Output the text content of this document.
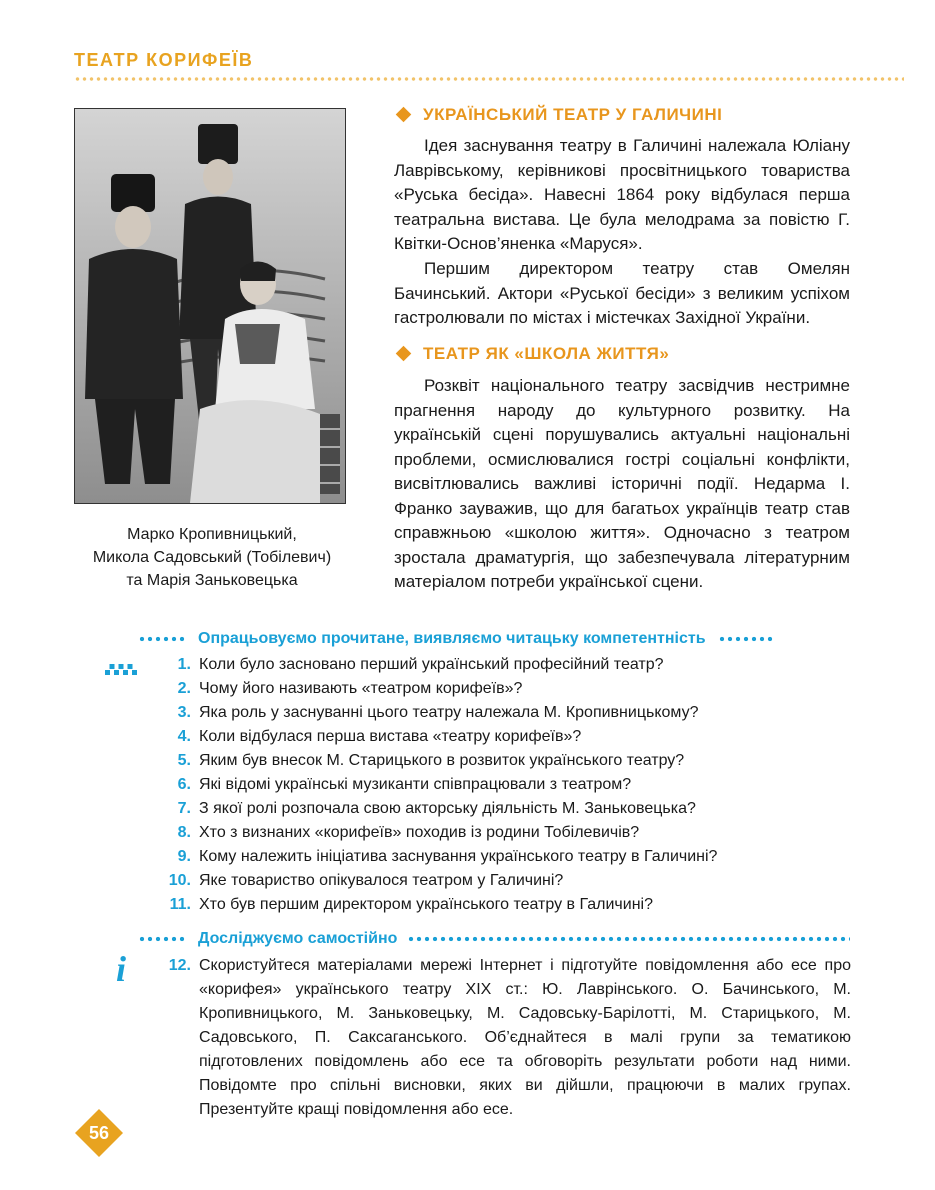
ТЕАТР КОРИФЕЇВ
Марко Кропивницький,
Микола Садовський (Тобілевич)
та Марія Заньковецька
УКРАЇНСЬКИЙ ТЕАТР У ГАЛИЧИНІ

Ідея заснування театру в Галичині належала Юліану Лаврівському, керівникові просвітницького товариства «Руська бесіда». Навесні 1864 року відбулася перша театральна вистава. Це була мелодрама за повістю Г. Квітки-Основ’яненка «Маруся».

Першим директором театру став Омелян Бачинський. Актори «Руської бесіди» з великим успіхом гастролювали по містах і містечках Західної України.

ТЕАТР ЯК «ШКОЛА ЖИТТЯ»

Розквіт національного театру засвідчив нестримне прагнення народу до культурного розвитку. На українській сцені порушувались актуальні національні проблеми, осмислювалися гострі соціальні конфлікти, висвітлювались важливі історичні події. Недарма І. Франко зауважив, що для багатьох українців театр став справжньою «школою життя». Одночасно з театром зростала драматургія, що забезпечувала літературним матеріалом потреби української сцени.

Опрацьовуємо прочитане, виявляємо читацьку компетентність
1. Коли було засновано перший український професійний театр?
2. Чому його називають «театром корифеїв»?
3. Яка роль у заснуванні цього театру належала М. Кропивницькому?
4. Коли відбулася перша вистава «театру корифеїв»?
5. Яким був внесок М. Старицького в розвиток українського театру?
6. Які відомі українські музиканти співпрацювали з театром?
7. З якої ролі розпочала свою акторську діяльність М. Заньковецька?
8. Хто з визнаних «корифеїв» походив із родини Тобілевичів?
9. Кому належить ініціатива заснування українського театру в Галичині?
10. Яке товариство опікувалося театром у Галичині?
11. Хто був першим директором українського театру в Галичині?
Досліджуємо самостійно
i	12. Скористуйтеся матеріалами мережі Інтернет і підготуйте повідомлення або есе про «корифея» українського театру XIX ст.: Ю. Лаврінського. О. Бачинського, М. Кропивницького, М. Заньковецьку, М. Садовську-Барілотті, М. Старицького, М. Садовського, П. Саксаганського. Об’єднайтеся в малі групи за тематикою підготовлених повідомлень або есе та обговоріть результати роботи над ними. Повідомте про спільні висновки, яких ви дійшли, працюючи в малих групах. Презентуйте кращі повідомлення або есе.

56
